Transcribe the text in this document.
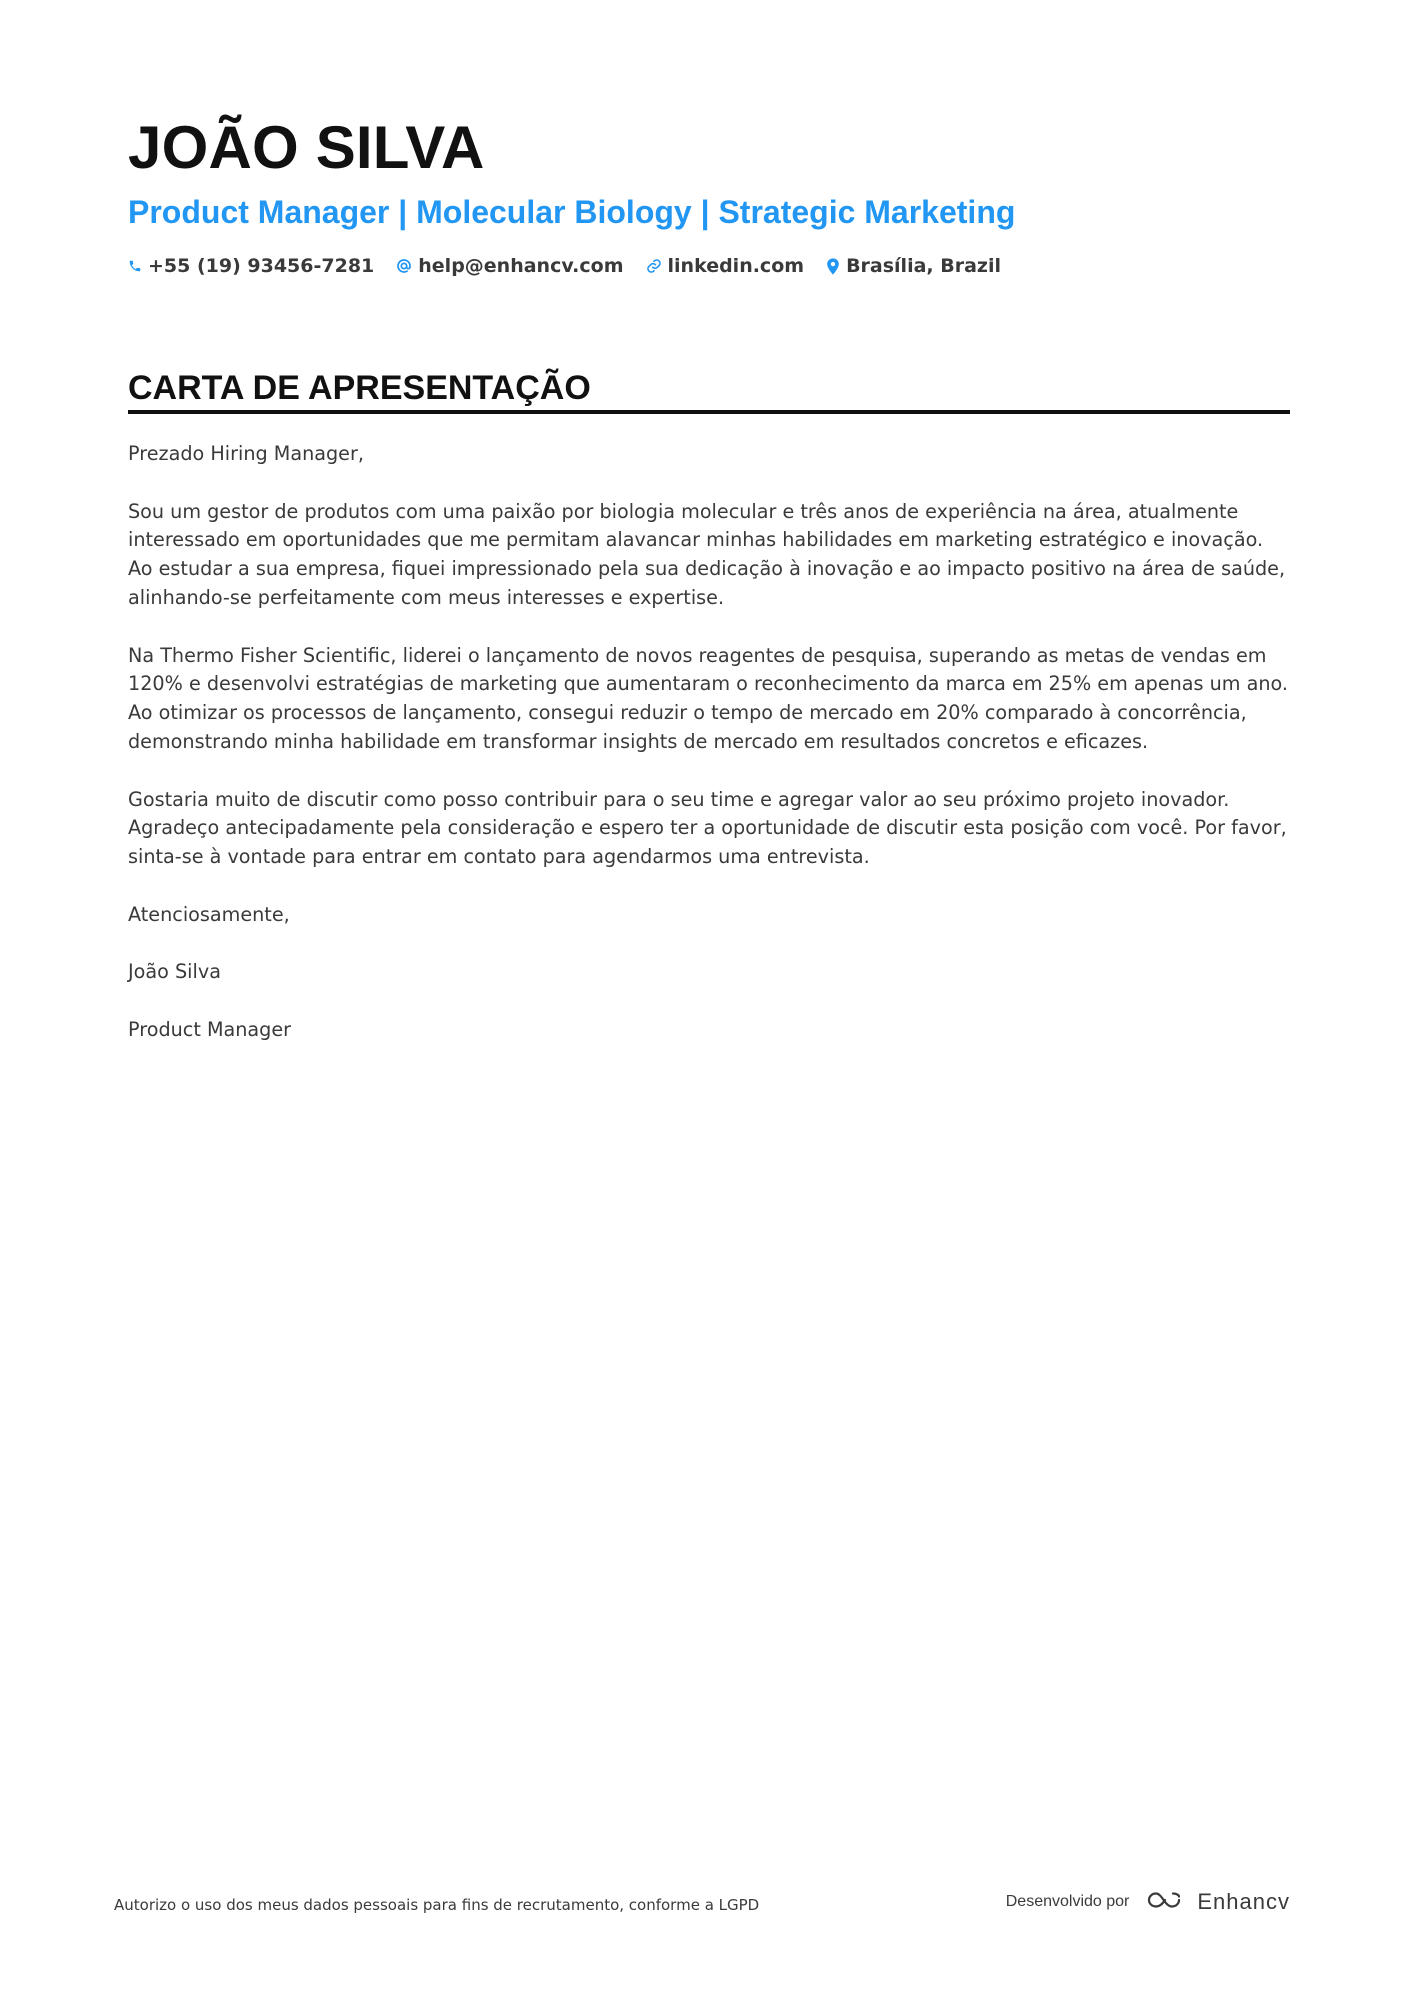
JOÃO SILVA
Product Manager | Molecular Biology | Strategic Marketing
+55 (19) 93456-7281 help@enhancv.com linkedin.com Brasília, Brazil
CARTA DE APRESENTAÇÃO

Prezado Hiring Manager,

Sou um gestor de produtos com uma paixão por biologia molecular e três anos de experiência na área, atualmente interessado em oportunidades que me permitam alavancar minhas habilidades em marketing estratégico e inovação. Ao estudar a sua empresa, fiquei impressionado pela sua dedicação à inovação e ao impacto positivo na área de saúde, alinhando-se perfeitamente com meus interesses e expertise.

Na Thermo Fisher Scientific, liderei o lançamento de novos reagentes de pesquisa, superando as metas de vendas em 120% e desenvolvi estratégias de marketing que aumentaram o reconhecimento da marca em 25% em apenas um ano. Ao otimizar os processos de lançamento, consegui reduzir o tempo de mercado em 20% comparado à concorrência, demonstrando minha habilidade em transformar insights de mercado em resultados concretos e eficazes.

Gostaria muito de discutir como posso contribuir para o seu time e agregar valor ao seu próximo projeto inovador. Agradeço antecipadamente pela consideração e espero ter a oportunidade de discutir esta posição com você. Por favor, sinta-se à vontade para entrar em contato para agendarmos uma entrevista.

Atenciosamente,

João Silva

Product Manager

Autorizo o uso dos meus dados pessoais para fins de recrutamento, conforme a LGPD	Desenvolvido por	Enhancv
